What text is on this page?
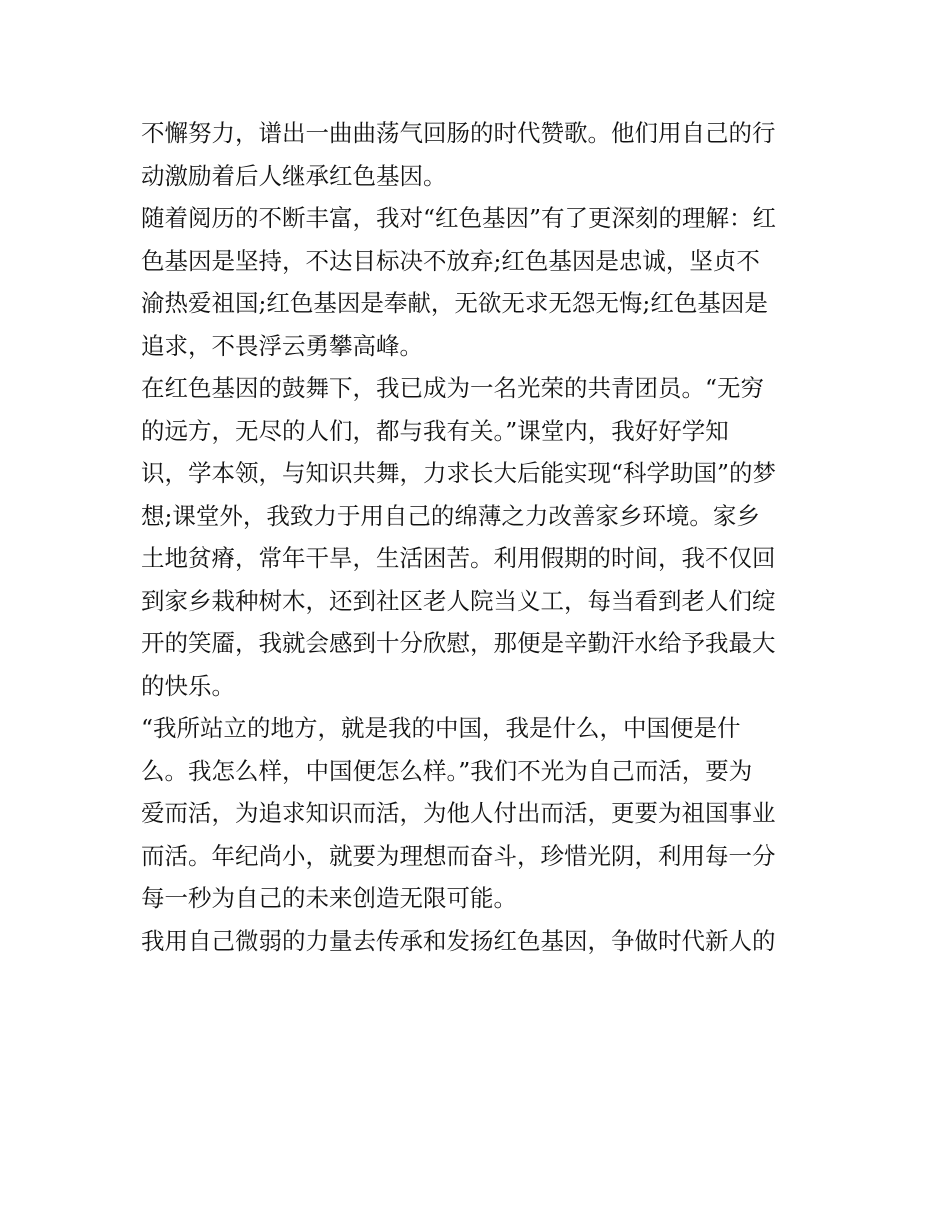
不懈努力，谱出一曲曲荡气回肠的时代赞歌。他们用自己的行
动激励着后人继承红色基因。
随着阅历的不断丰富，我对“红色基因”有了更深刻的理解：红
色基因是坚持，不达目标决不放弃;红色基因是忠诚，坚贞不
渝热爱祖国;红色基因是奉献，无欲无求无怨无悔;红色基因是
追求，不畏浮云勇攀高峰。
在红色基因的鼓舞下，我已成为一名光荣的共青团员。“无穷
的远方，无尽的人们，都与我有关。”课堂内，我好好学知
识，学本领，与知识共舞，力求长大后能实现“科学助国”的梦
想;课堂外，我致力于用自己的绵薄之力改善家乡环境。家乡
土地贫瘠，常年干旱，生活困苦。利用假期的时间，我不仅回
到家乡栽种树木，还到社区老人院当义工，每当看到老人们绽
开的笑靥，我就会感到十分欣慰，那便是辛勤汗水给予我最大
的快乐。
“我所站立的地方，就是我的中国，我是什么，中国便是什
么。我怎么样，中国便怎么样。”我们不光为自己而活，要为
爱而活，为追求知识而活，为他人付出而活，更要为祖国事业
而活。年纪尚小，就要为理想而奋斗，珍惜光阴，利用每一分
每一秒为自己的未来创造无限可能。
我用自己微弱的力量去传承和发扬红色基因，争做时代新人的
